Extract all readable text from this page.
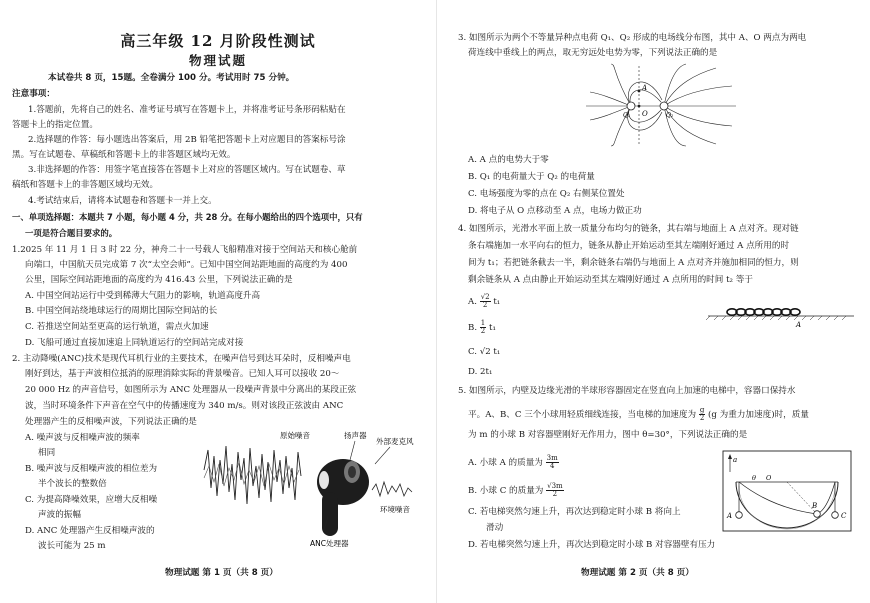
高三年级 12 月阶段性测试
物理试题
本试卷共 8 页，15题。全卷满分 100 分。考试用时 75 分钟。
注意事项：
1.答题前，先将自己的姓名、准考证号填写在答题卡上，并将准考证号条形码粘贴在
答题卡上的指定位置。
2.选择题的作答：每小题选出答案后，用 2B 铅笔把答题卡上对应题目的答案标号涂
黑。写在试题卷、草稿纸和答题卡上的非答题区域均无效。
3.非选择题的作答：用签字笔直接答在答题卡上对应的答题区域内。写在试题卷、草
稿纸和答题卡上的非答题区域均无效。
4.考试结束后，请将本试题卷和答题卡一并上交。
一、单项选择题：本题共 7 小题，每小题 4 分，共 28 分。在每小题给出的四个选项中，只有
一项是符合题目要求的。
1.2025 年 11 月 1 日 3 时 22 分，神舟二十一号载人飞船精准对接于空间站天和核心舱前
向端口，中国航天员完成第 7 次“太空会师”。已知中国空间站距地面的高度约为 400
公里，国际空间站距地面的高度约为 416.43 公里，下列说法正确的是
A. 中国空间站运行中受到稀薄大气阻力的影响，轨道高度升高
B. 中国空间站绕地球运行的周期比国际空间站的长
C. 若推送空间站至更高的运行轨道，需点火加速
D. 飞船可通过直接加速追上同轨道运行的空间站完成对接
2. 主动降噪(ANC)技术是现代耳机行业的主要技术，在噪声信号到达耳朵时，反相噪声电
刚好到达，基于声波相位抵消的原理消除实际的背景噪音。已知人耳可以接收 20～
20 000 Hz 的声音信号，如图所示为 ANC 处理器从一段噪声背景中分离出的某段正弦
波，当时环境条件下声音在空气中的传播速度为 340 m/s。则对该段正弦波由 ANC
处理器产生的反相噪声波，下列说法正确的是
A. 噪声波与反相噪声波的频率
相同
B. 噪声波与反相噪声波的相位差为
半个波长的整数倍
C. 为提高降噪效果，应增大反相噪
声波的振幅
D. ANC 处理器产生反相噪声波的
波长可能为 25 m
原始噪音	扬声器
外部麦克风
环境噪音
ANC处理器
物理试题 第 1 页（共 8 页）
3. 如图所示为两个不等量异种点电荷 Q₁、Q₂ 形成的电场线分布图，其中 A、O 两点为两电
荷连线中垂线上的两点，取无穷远处电势为零，下列说法正确的是
A
O
Q₁	Q₂
A. A 点的电势大于零
B. Q₁ 的电荷量大于 Q₂ 的电荷量
C. 电场强度为零的点在 Q₂ 右侧某位置处
D. 将电子从 O 点移动至 A 点，电场力做正功
4. 如图所示，光滑水平面上放一质量分布均匀的链条，其右端与地面上 A 点对齐。现对链
条右端施加一水平向右的恒力，链条从静止开始运动至其左端刚好通过 A 点所用的时
间为 t₁；若把链条截去一半，剩余链条右端仍与地面上 A 点对齐并施加相同的恒力，则
剩余链条从 A 点由静止开始运动至其左端刚好通过 A 点所用的时间 t₂ 等于
A. $\frac{√2}{2} t_1$
B. $\frac{1}{2} t_1$
C. √2 t₁
D. 2t₁
A
5. 如图所示，内壁及边缘光滑的半球形容器固定在竖直向上加速的电梯中，容器口保持水
平。A、B、C 三个小球用轻质细线连接，当电梯的加速度为 $\frac{g}{2} (g$ 为重力加速度)时，质量
为 m 的小球 B 对容器壁刚好无作用力，图中 θ=30°，下列说法正确的是
A. 小球 A 的质量为 $\frac{3m}{4}$
B. 小球 C 的质量为 $\frac{√3m}{2}$
C. 若电梯突然匀速上升，再次达到稳定时小球 B 将向上
滑动
D. 若电梯突然匀速上升，再次达到稳定时小球 B 对容器壁有压力
a
A
B
C
θ O
物理试题 第 2 页（共 8 页）
